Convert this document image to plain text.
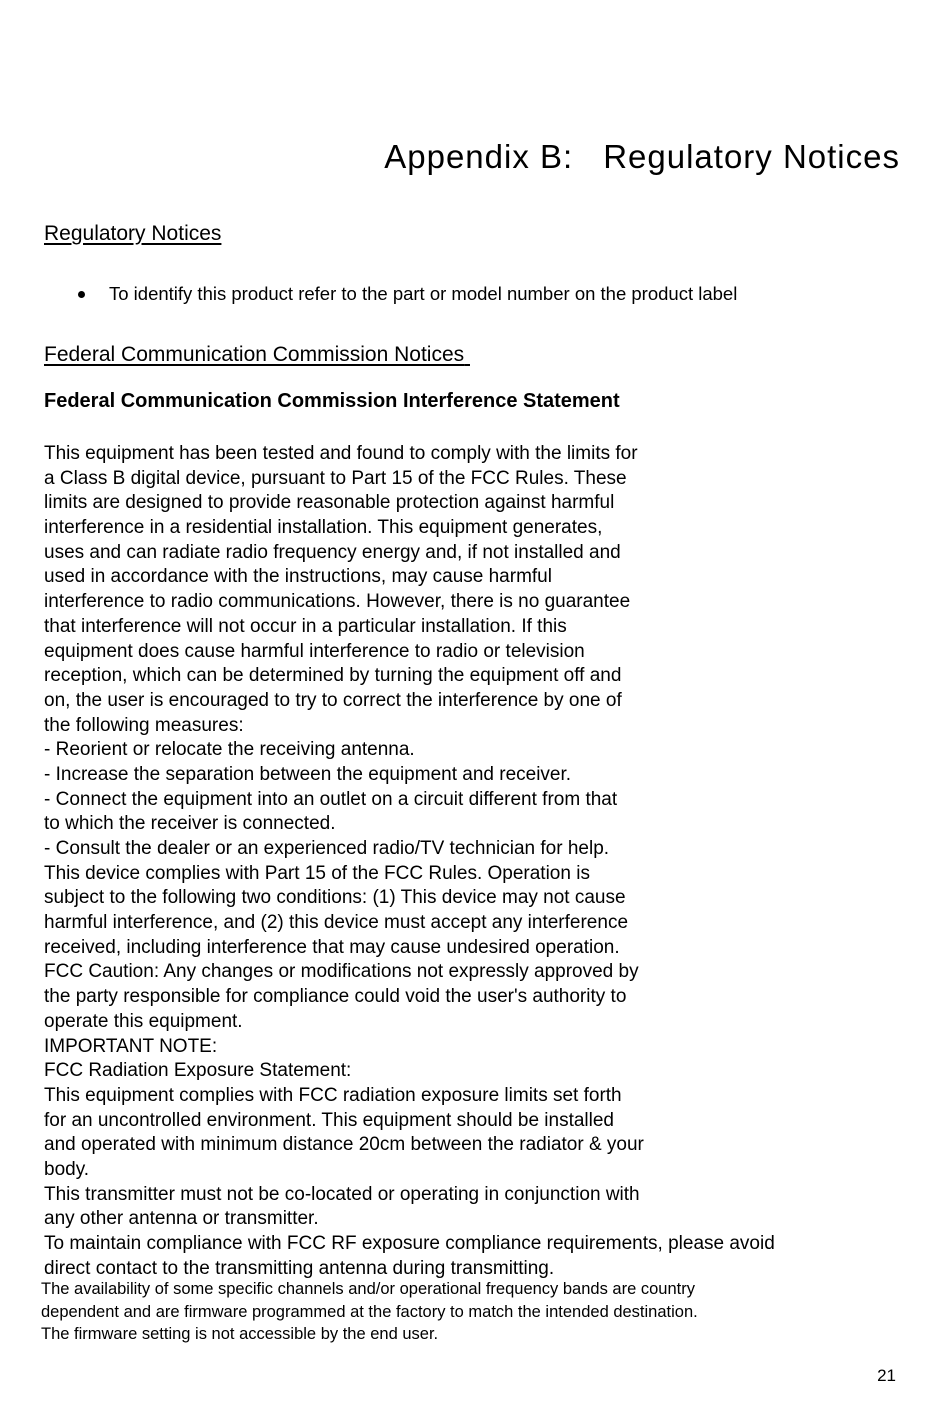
Appendix B: Regulatory Notices
Regulatory Notices
To identify this product refer to the part or model number on the product label
Federal Communication Commission Notices
Federal Communication Commission Interference Statement
This equipment has been tested and found to comply with the limits for
a Class B digital device, pursuant to Part 15 of the FCC Rules. These
limits are designed to provide reasonable protection against harmful
interference in a residential installation. This equipment generates,
uses and can radiate radio frequency energy and, if not installed and
used in accordance with the instructions, may cause harmful
interference to radio communications. However, there is no guarantee
that interference will not occur in a particular installation. If this
equipment does cause harmful interference to radio or television
reception, which can be determined by turning the equipment off and
on, the user is encouraged to try to correct the interference by one of
the following measures:
- Reorient or relocate the receiving antenna.
- Increase the separation between the equipment and receiver.
- Connect the equipment into an outlet on a circuit different from that
to which the receiver is connected.
- Consult the dealer or an experienced radio/TV technician for help.
This device complies with Part 15 of the FCC Rules. Operation is
subject to the following two conditions: (1) This device may not cause
harmful interference, and (2) this device must accept any interference
received, including interference that may cause undesired operation.
FCC Caution: Any changes or modifications not expressly approved by
the party responsible for compliance could void the user's authority to
operate this equipment.
IMPORTANT NOTE:
FCC Radiation Exposure Statement:
This equipment complies with FCC radiation exposure limits set forth
for an uncontrolled environment. This equipment should be installed
and operated with minimum distance 20cm between the radiator & your
body.
This transmitter must not be co-located or operating in conjunction with
any other antenna or transmitter.
To maintain compliance with FCC RF exposure compliance requirements, please avoid
direct contact to the transmitting antenna during transmitting.
The availability of some specific channels and/or operational frequency bands are country
dependent and are firmware programmed at the factory to match the intended destination.
The firmware setting is not accessible by the end user.
21
